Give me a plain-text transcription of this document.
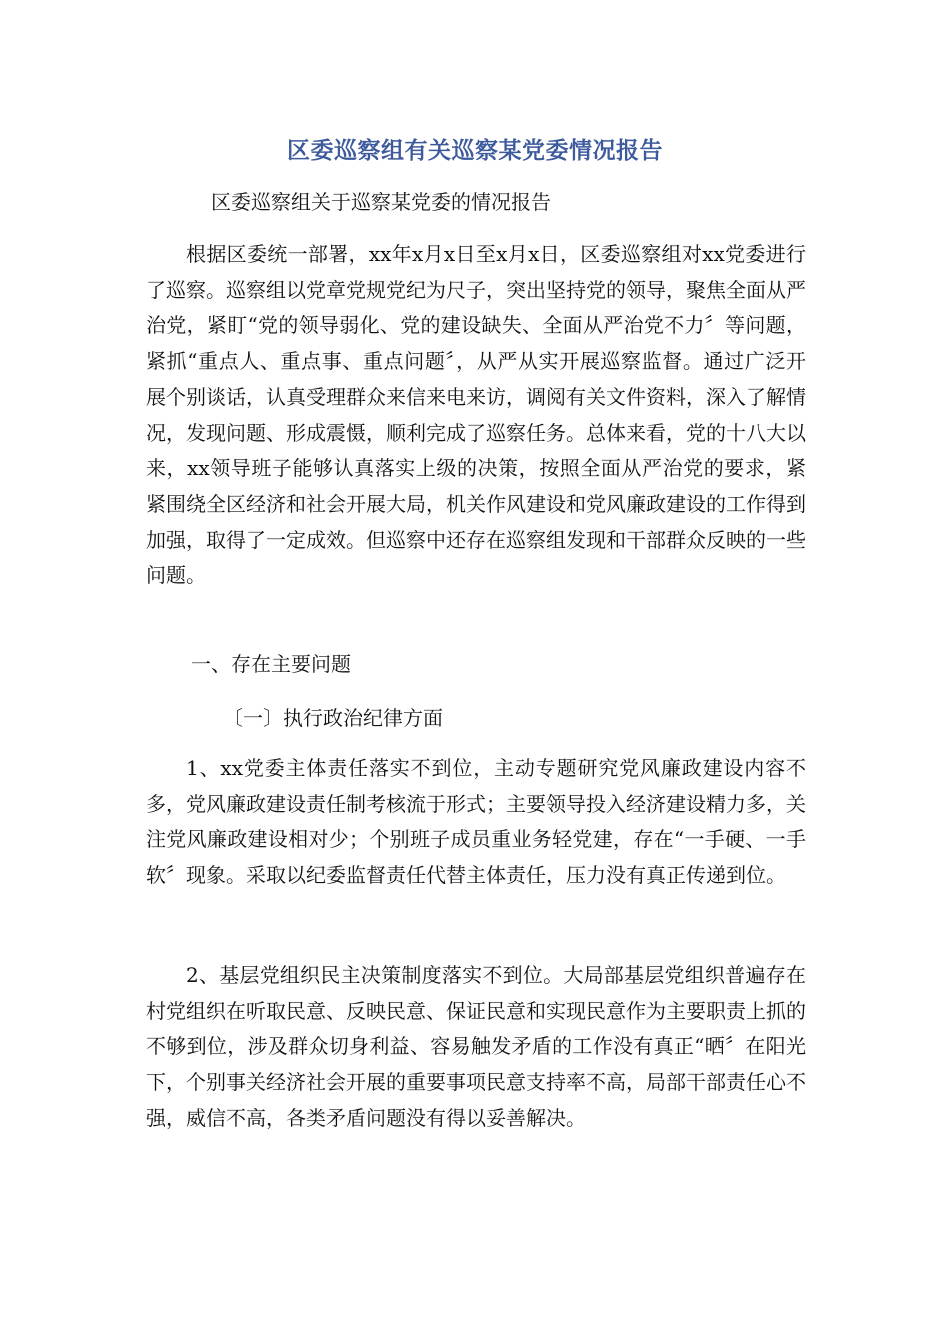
区委巡察组有关巡察某党委情况报告
区委巡察组关于巡察某党委的情况报告

根据区委统一部署，xx年x月x日至x月x日，区委巡察组对xx党委进行了巡察。巡察组以党章党规党纪为尺子，突出坚持党的领导，聚焦全面从严治党，紧盯“党的领导弱化、党的建设缺失、全面从严治党不力〞等问题，紧抓“重点人、重点事、重点问题〞，从严从实开展巡察监督。通过广泛开展个别谈话，认真受理群众来信来电来访，调阅有关文件资料，深入了解情况，发现问题、形成震慑，顺利完成了巡察任务。总体来看，党的十八大以来，xx领导班子能够认真落实上级的决策，按照全面从严治党的要求，紧紧围绕全区经济和社会开展大局，机关作风建设和党风廉政建设的工作得到加强，取得了一定成效。但巡察中还存在巡察组发现和干部群众反映的一些问题。

一、存在主要问题
〔一〕执行政治纪律方面

1、xx党委主体责任落实不到位，主动专题研究党风廉政建设内容不多，党风廉政建设责任制考核流于形式；主要领导投入经济建设精力多，关注党风廉政建设相对少；个别班子成员重业务轻党建，存在“一手硬、一手软〞现象。采取以纪委监督责任代替主体责任，压力没有真正传递到位。

2、基层党组织民主决策制度落实不到位。大局部基层党组织普遍存在村党组织在听取民意、反映民意、保证民意和实现民意作为主要职责上抓的不够到位，涉及群众切身利益、容易触发矛盾的工作没有真正“晒〞在阳光下，个别事关经济社会开展的重要事项民意支持率不高，局部干部责任心不强，威信不高，各类矛盾问题没有得以妥善解决。
